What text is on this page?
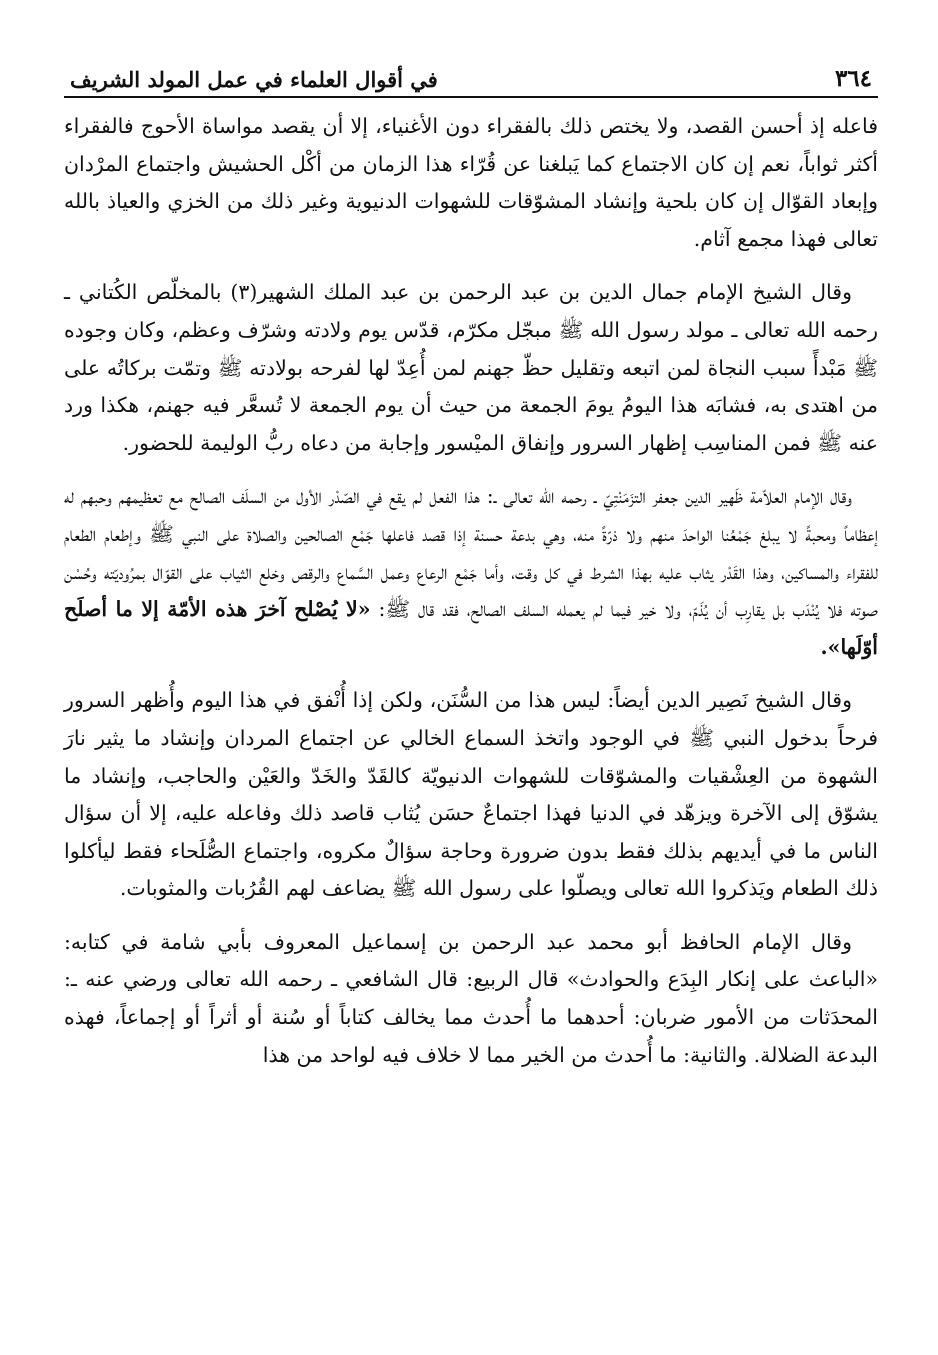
٣٦٤
في أقوال العلماء في عمل المولد الشريف

فاعله إذ أحسن القصد، ولا يختص ذلك بالفقراء دون الأغنياء، إلا أن يقصد مواساة الأحوج فالفقراء أكثر ثواباً، نعم إن كان الاجتماع كما يَبلغنا عن قُرّاء هذا الزمان من أكْل الحشيش واجتماع المرْدان وإبعاد القوّال إن كان بلحية وإنشاد المشوّقات للشهوات الدنيوية وغير ذلك من الخزي والعياذ بالله تعالى فهذا مجمع آثام.

وقال الشيخ الإمام جمال الدين بن عبد الرحمن بن عبد الملك الشهير(٣) بالمخلّص الكُتاني ـ رحمه الله تعالى ـ مولد رسول الله ﷺ مبجّل مكرّم، قدّس يوم ولادته وشرّف وعظم، وكان وجوده ﷺ مَبْدأً سبب النجاة لمن اتبعه وتقليل حظّ جهنم لمن أُعِدّ لها لفرحه بولادته ﷺ وتمّت بركاتُه على من اهتدى به، فشابَه هذا اليومُ يومَ الجمعة من حيث أن يوم الجمعة لا تُسعَّر فيه جهنم، هكذا ورد عنه ﷺ فمن المناسِب إظهار السرور وإنفاق الميْسور وإجابة من دعاه ربُّ الوليمة للحضور.

وقال الإمام العلاّمة ظَهير الدين جعفر التزَمَنْتِيّ ـ رحمه الله تعالى ـ: هذا الفعل لم يقع في الصّدْر الأول من السلَف الصالح مع تعظيمهم وحبهم له إعظاماً ومحبةً لا يبلغ جَمْعُنا الواحدَ منهم ولا ذرّةً منه، وهي بدعة حسنة إذا قصد فاعلها جَمْع الصالحين والصلاة على النبي ﷺ وإطعام الطعام للفقراء والمساكين، وهذا القَدْر يثاب عليه بهذا الشرط في كل وقت، وأما جَمْع الرعاع وعمل السَّماع والرقص وخلع الثياب على القوّال بمرُوديّته وحُسْن صوته فلا يُنْدَب بل يقارِب أن يُذَمّ، ولا خير فيما لم يعمله السلف الصالح، فقد قال ﷺ: «لا يُصْلح آخرَ هذه الأمّة إلا ما أصلَح أوّلَها».

وقال الشيخ نَصِير الدين أيضاً: ليس هذا من السُّنَن، ولكن إذا أُنْفق في هذا اليوم وأُظهر السرور فرحاً بدخول النبي ﷺ في الوجود واتخذ السماع الخالي عن اجتماع المردان وإنشاد ما يثير نارَ الشهوة من العِشْقيات والمشوّقات للشهوات الدنيويّة كالقَدّ والخَدّ والعَيْن والحاجب، وإنشاد ما يشوّق إلى الآخرة ويزهّد في الدنيا فهذا اجتماعٌ حسَن يُثاب قاصد ذلك وفاعله عليه، إلا أن سؤال الناس ما في أيديهم بذلك فقط بدون ضرورة وحاجة سؤالٌ مكروه، واجتماع الصُّلَحاء فقط ليأكلوا ذلك الطعام ويَذكروا الله تعالى ويصلّوا على رسول الله ﷺ يضاعف لهم القُرُبات والمثوبات.

وقال الإمام الحافظ أبو محمد عبد الرحمن بن إسماعيل المعروف بأبي شامة في كتابه: «الباعث على إنكار البِدَع والحوادث» قال الربيع: قال الشافعي ـ رحمه الله تعالى ورضي عنه ـ: المحدَثات من الأمور ضربان: أحدهما ما أُحدث مما يخالف كتاباً أو سُنة أو أثراً أو إجماعاً، فهذه البدعة الضلالة. والثانية: ما أُحدث من الخير مما لا خلاف فيه لواحد من هذا
